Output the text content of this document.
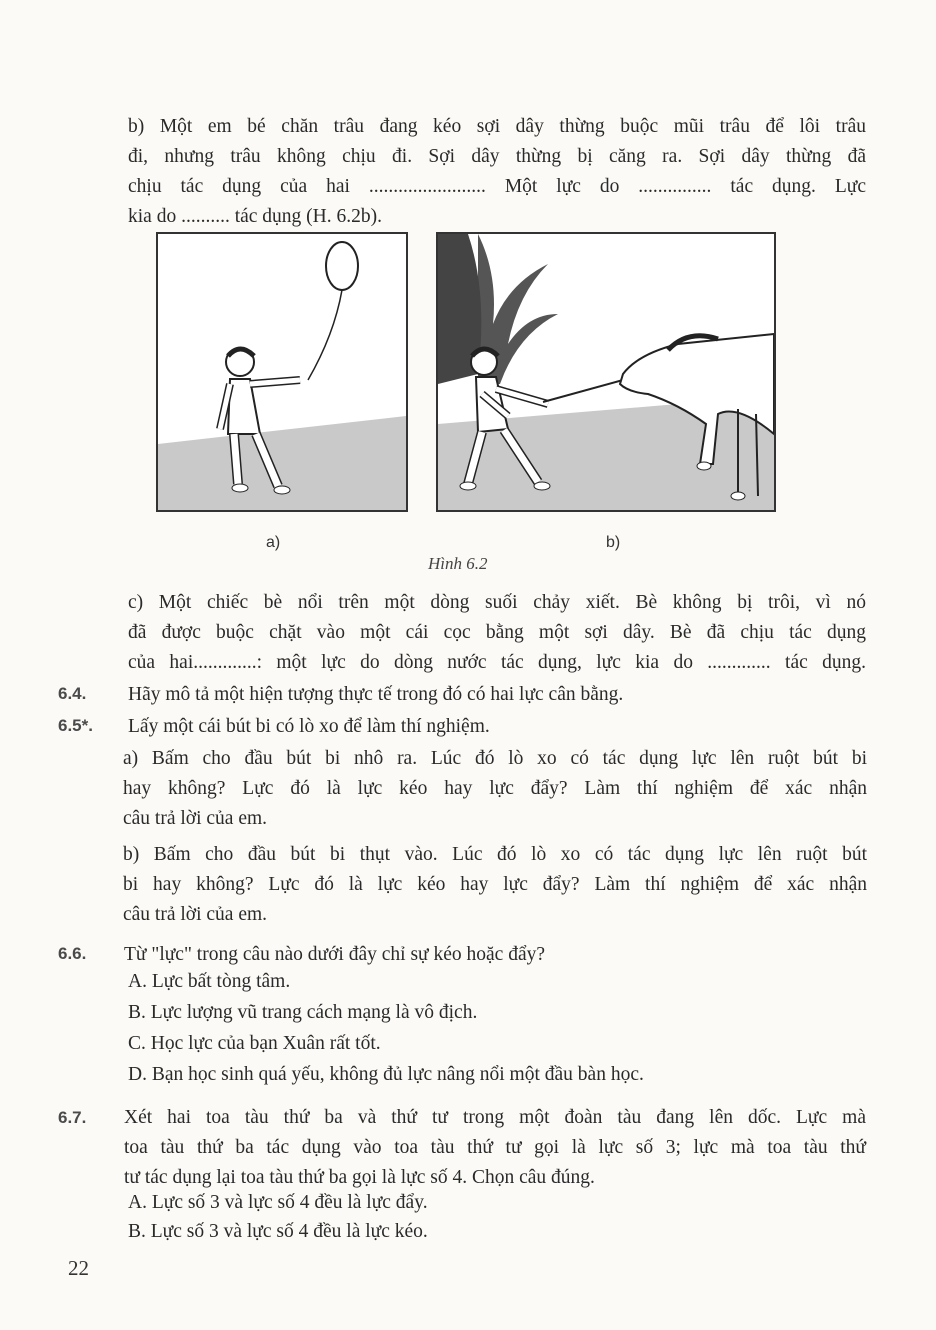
b) Một em bé chăn trâu đang kéo sợi dây thừng buộc mũi trâu để lôi trâu
đi, nhưng trâu không chịu đi. Sợi dây thừng bị căng ra. Sợi dây thừng đã
chịu tác dụng của hai ........................ Một lực do ............... tác dụng. Lực
kia do .......... tác dụng (H. 6.2b).
a)	b)
Hình 6.2
c) Một chiếc bè nổi trên một dòng suối chảy xiết. Bè không bị trôi, vì nó
đã được buộc chặt vào một cái cọc bằng một sợi dây. Bè đã chịu tác dụng
của hai.............: một lực do dòng nước tác dụng, lực kia do ............. tác dụng.
6.4. Hãy mô tả một hiện tượng thực tế trong đó có hai lực cân bằng.
6.5*. Lấy một cái bút bi có lò xo để làm thí nghiệm.
a) Bấm cho đầu bút bi nhô ra. Lúc đó lò xo có tác dụng lực lên ruột bút bi
hay không? Lực đó là lực kéo hay lực đẩy? Làm thí nghiệm để xác nhận
câu trả lời của em.
b) Bấm cho đầu bút bi thụt vào. Lúc đó lò xo có tác dụng lực lên ruột bút
bi hay không? Lực đó là lực kéo hay lực đẩy? Làm thí nghiệm để xác nhận
câu trả lời của em.
6.6. Từ "lực" trong câu nào dưới đây chỉ sự kéo hoặc đẩy?
A. Lực bất tòng tâm.
B. Lực lượng vũ trang cách mạng là vô địch.
C. Học lực của bạn Xuân rất tốt.
D. Bạn học sinh quá yếu, không đủ lực nâng nổi một đầu bàn học.
6.7. Xét hai toa tàu thứ ba và thứ tư trong một đoàn tàu đang lên dốc. Lực mà
toa tàu thứ ba tác dụng vào toa tàu thứ tư gọi là lực số 3; lực mà toa tàu thứ
tư tác dụng lại toa tàu thứ ba gọi là lực số 4. Chọn câu đúng.
A. Lực số 3 và lực số 4 đều là lực đẩy.
B. Lực số 3 và lực số 4 đều là lực kéo.
22
